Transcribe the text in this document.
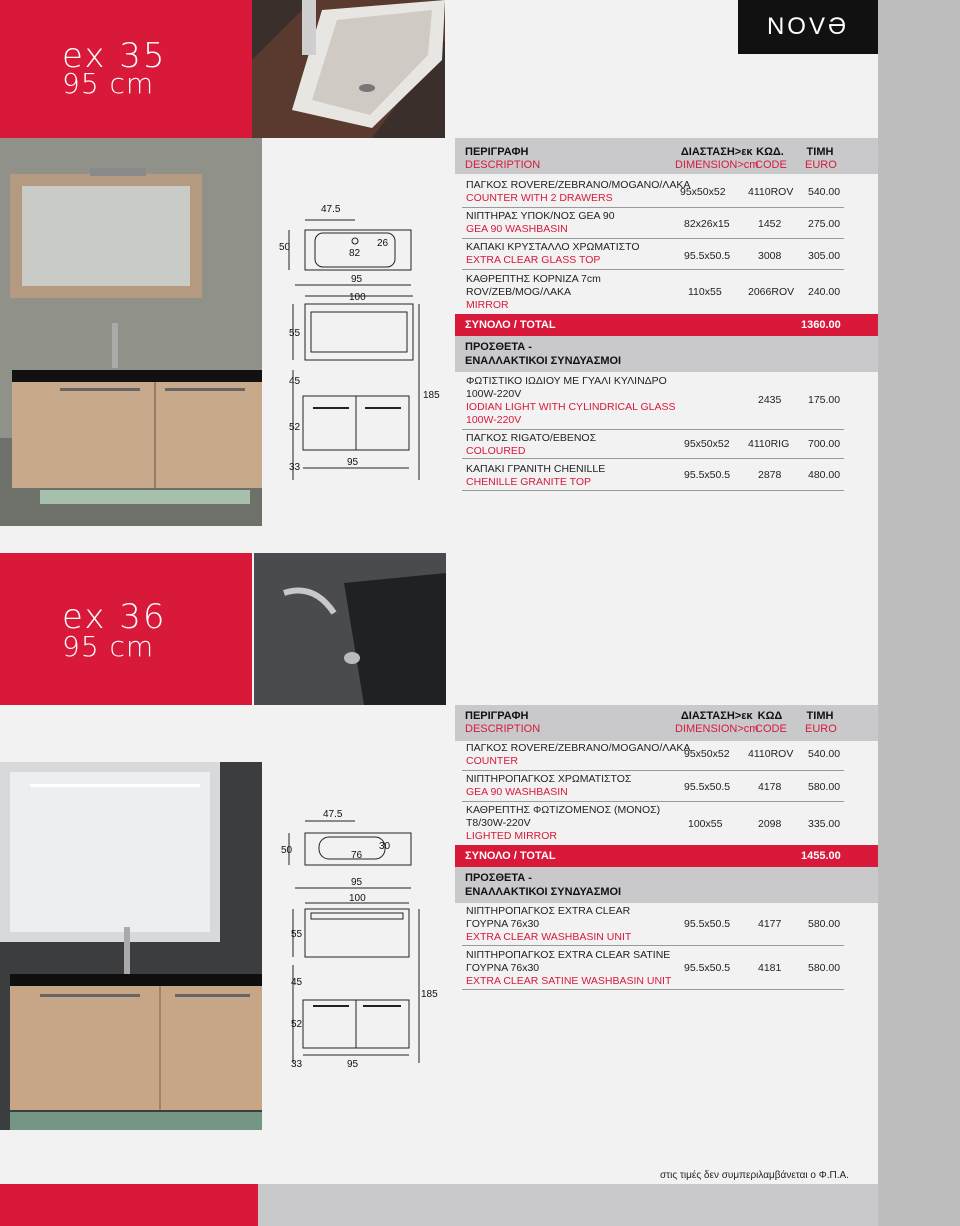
ex 35
95 cm
NOVƏ
47.5
50
82
26
95
100
55
45
185
52
33	95
ΠΕΡΙΓΡΑΦΗ
DESCRIPTION
ΔΙΑΣΤΑΣΗ>εκ
DIMENSION>cm
ΚΩΔ.
CODE
ΤΙΜΗ
EURO
ΠΑΓΚΟΣ ROVERE/ZEBRANO/MOGANO/ΛΑΚΑ
COUNTER WITH 2 DRAWERS	95x50x52 4110ROV 540.00
ΝΙΠΤΗΡΑΣ ΥΠΟΚ/ΝΟΣ GEA 90
GEA 90 WASHBASIN	82x26x15	1452	275.00
ΚΑΠΑΚΙ ΚΡΥΣΤΑΛΛΟ ΧΡΩΜΑΤΙΣΤΟ
EXTRA CLEAR GLASS TOP	95.5x50.5	3008	305.00
ΚΑΘΡΕΠΤΗΣ ΚΟΡΝΙΖΑ 7cm
ROV/ZEB/MOG/ΛΑΚΑ
MIRROR
110x55	2066ROV 240.00
ΣΥΝΟΛΟ / TOTAL	1360.00
ΠΡΟΣΘΕΤΑ -
ΕΝΑΛΛΑΚΤΙΚΟΙ ΣΥΝΔΥΑΣΜΟΙ
ΦΩΤΙΣΤΙΚΟ ΙΩΔΙΟΥ ΜΕ ΓΥΑΛΙ ΚΥΛΙΝΔΡΟ
100W-220V
IODIAN LIGHT WITH CYLINDRICAL GLASS
100W-220V
2435	175.00
ΠΑΓΚΟΣ RIGATO/EBENOΣ
COLOURED
95x50x52 4110RIG 700.00
ΚΑΠΑΚΙ ΓΡΑΝΙΤΗ CHENILLE
CHENILLE GRANITE TOP
95.5x50.5	2878	480.00
ex 36
95 cm
47.5
50	76
30
95
100
55
45
185
52
33	95
ΠΕΡΙΓΡΑΦΗ
DESCRIPTION
ΔΙΑΣΤΑΣΗ>εκ
DIMENSION>cm
ΚΩΔ
CODE
ΤΙΜΗ
EURO
ΠΑΓΚΟΣ ROVERE/ZEBRANO/MOGANO/ΛΑΚΑ
COUNTER
95x50x52 4110ROV 540.00
ΝΙΠΤΗΡΟΠΑΓΚΟΣ ΧΡΩΜΑΤΙΣΤΟΣ
GEA 90 WASHBASIN	95.5x50.5	4178	580.00
ΚΑΘΡΕΠΤΗΣ ΦΩΤΙΖΟΜΕΝΟΣ (ΜΟΝΟΣ)
T8/30W-220V
LIGHTED MIRROR
100x55	2098	335.00
ΣΥΝΟΛΟ / TOTAL	1455.00
ΠΡΟΣΘΕΤΑ -
ΕΝΑΛΛΑΚΤΙΚΟΙ ΣΥΝΔΥΑΣΜΟΙ
ΝΙΠΤΗΡΟΠΑΓΚΟΣ EXTRA CLEAR
ΓΟΥΡΝΑ 76x30
EXTRA CLEAR WASHBASIN UNIT
95.5x50.5	4177	580.00
ΝΙΠΤΗΡΟΠΑΓΚΟΣ EXTRA CLEAR SATINE
ΓΟΥΡΝΑ 76x30
EXTRA CLEAR SATINE WASHBASIN UNIT
95.5x50.5	4181	580.00
στις τιμές δεν συμπεριλαμβάνεται ο Φ.Π.Α.
